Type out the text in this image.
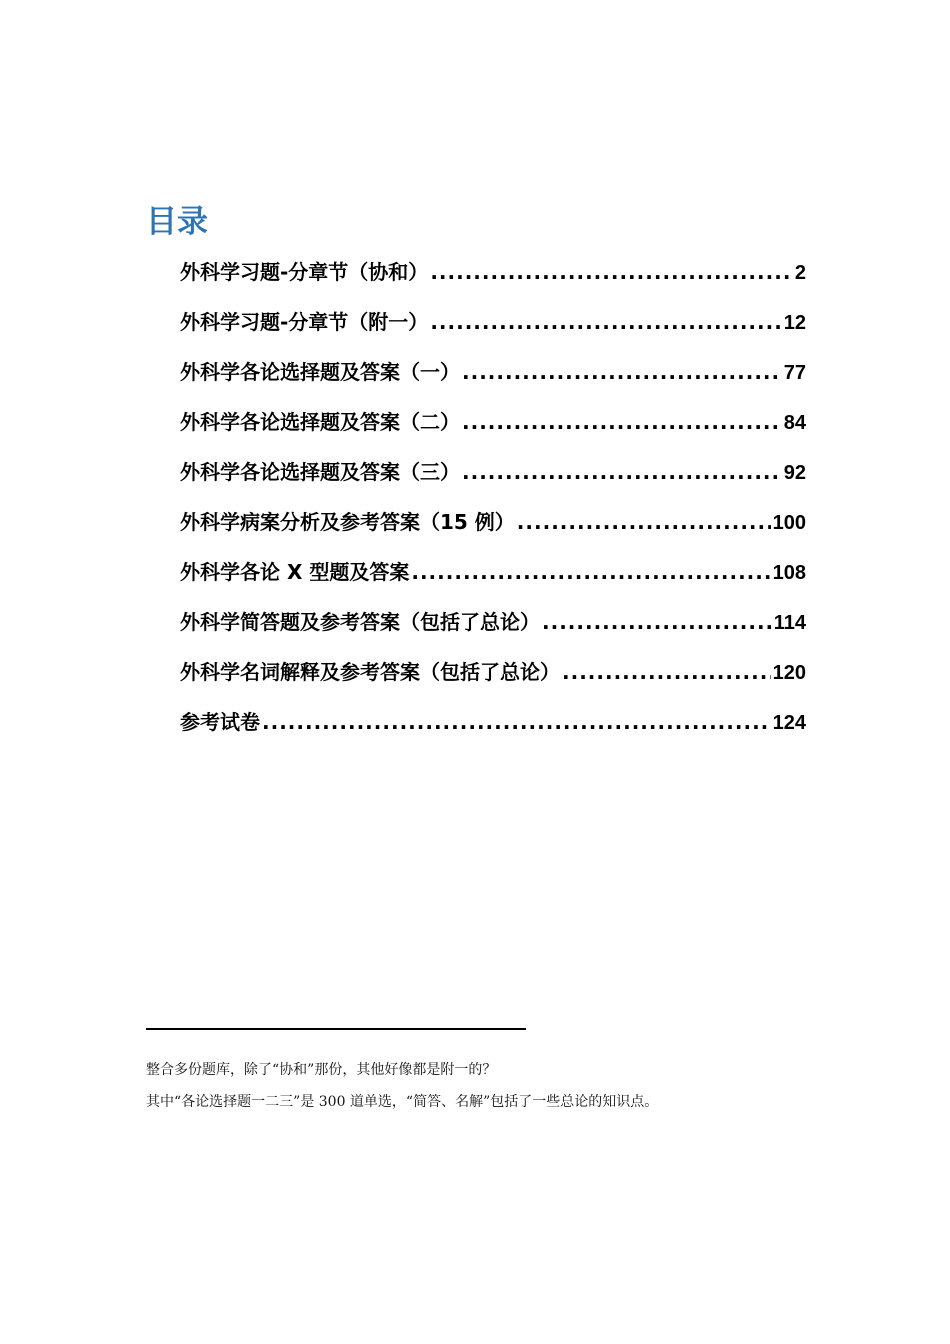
目录
外科学习题-分章节（协和） .....	2
外科学习题-分章节（附一） .....	12
外科学各论选择题及答案（一） .....	77
外科学各论选择题及答案（二） .....	84
外科学各论选择题及答案（三） .....	92
外科学病案分析及参考答案（15 例） .....	100
外科学各论 X 型题及答案 .....	108
外科学简答题及参考答案（包括了总论） .....	114
外科学名词解释及参考答案（包括了总论） .....	120
参考试卷 .....	124
整合多份题库，除了“协和”那份，其他好像都是附一的？
其中“各论选择题一二三”是 300 道单选，“简答、名解”包括了一些总论的知识点。
